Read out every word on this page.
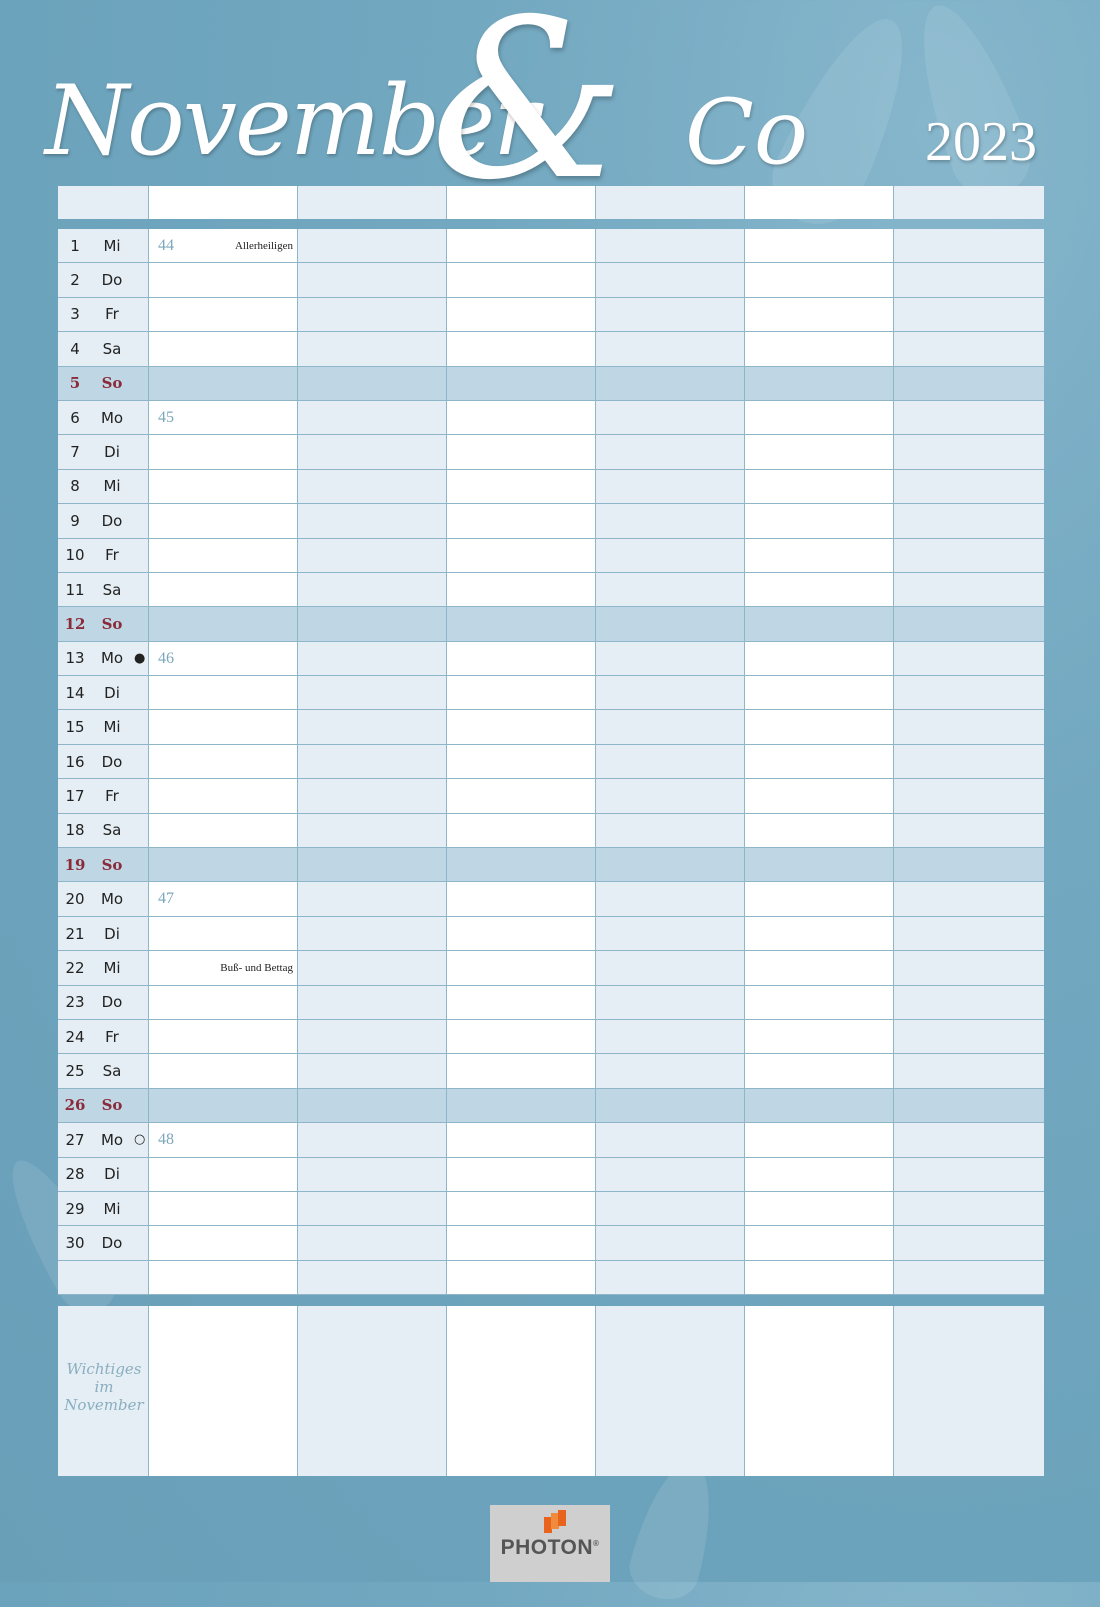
November
& Co 2023
1	Mi	44	Allerheiligen
2	Do
3	Fr
4	Sa
5	So
6	Mo	45
7	Di
8	Mi
9	Do
10	Fr
11	Sa
12	So
13	Mo ● 46
14	Di
15	Mi
16	Do
17	Fr
18	Sa
19	So
20	Mo	47
21	Di
22	Mi	Buß- und Bettag
23	Do
24	Fr
25	Sa
26	So
27	Mo ○ 48
28	Di
29	Mi
30	Do
Wichtiges
im
November
PHOTON®
